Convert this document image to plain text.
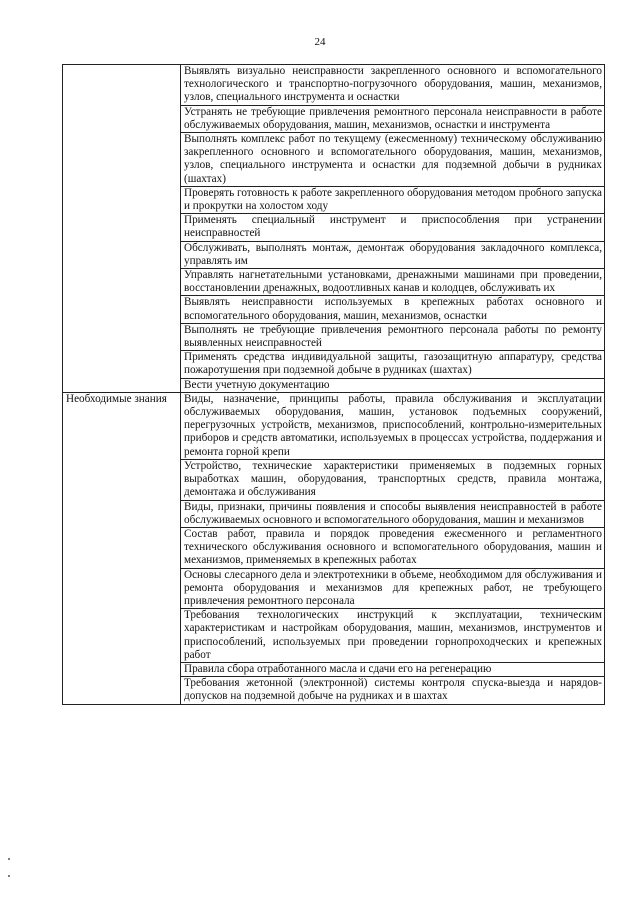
24
	Выявлять визуально неисправности закрепленного основного и вспомогательного технологического и транспортно-погрузочного оборудования, машин, механизмов, узлов, специального инструмента и оснастки
	Устранять не требующие привлечения ремонтного персонала неисправности в работе обслуживаемых оборудования, машин, механизмов, оснастки и инструмента
	Выполнять комплекс работ по текущему (ежесменному) техническому обслуживанию закрепленного основного и вспомогательного оборудования, машин, механизмов, узлов, специального инструмента и оснастки для подземной добычи в рудниках (шахтах)
	Проверять готовность к работе закрепленного оборудования методом пробного запуска и прокрутки на холостом ходу
	Применять специальный инструмент и приспособления при устранении неисправностей
	Обслуживать, выполнять монтаж, демонтаж оборудования закладочного комплекса, управлять им
	Управлять нагнетательными установками, дренажными машинами при проведении, восстановлении дренажных, водоотливных канав и колодцев, обслуживать их
	Выявлять неисправности используемых в крепежных работах основного и вспомогательного оборудования, машин, механизмов, оснастки
	Выполнять не требующие привлечения ремонтного персонала работы по ремонту выявленных неисправностей
	Применять средства индивидуальной защиты, газозащитную аппаратуру, средства пожаротушения при подземной добыче в рудниках (шахтах)
	Вести учетную документацию
Необходимые знания	Виды, назначение, принципы работы, правила обслуживания и эксплуатации обслуживаемых оборудования, машин, установок подъемных сооружений, перегрузочных устройств, механизмов, приспособлений, контрольно-измерительных приборов и средств автоматики, используемых в процессах устройства, поддержания и ремонта горной крепи
	Устройство, технические характеристики применяемых в подземных горных выработках машин, оборудования, транспортных средств, правила монтажа, демонтажа и обслуживания
	Виды, признаки, причины появления и способы выявления неисправностей в работе обслуживаемых основного и вспомогательного оборудования, машин и механизмов
	Состав работ, правила и порядок проведения ежесменного и регламентного технического обслуживания основного и вспомогательного оборудования, машин и механизмов, применяемых в крепежных работах
	Основы слесарного дела и электротехники в объеме, необходимом для обслуживания и ремонта оборудования и механизмов для крепежных работ, не требующего привлечения ремонтного персонала
	Требования технологических инструкций к эксплуатации, техническим характеристикам и настройкам оборудования, машин, механизмов, инструментов и приспособлений, используемых при проведении горнопроходческих и крепежных работ
	Правила сбора отработанного масла и сдачи его на регенерацию
	Требования жетонной (электронной) системы контроля спуска-выезда и нарядов-допусков на подземной добыче на рудниках и в шахтах
